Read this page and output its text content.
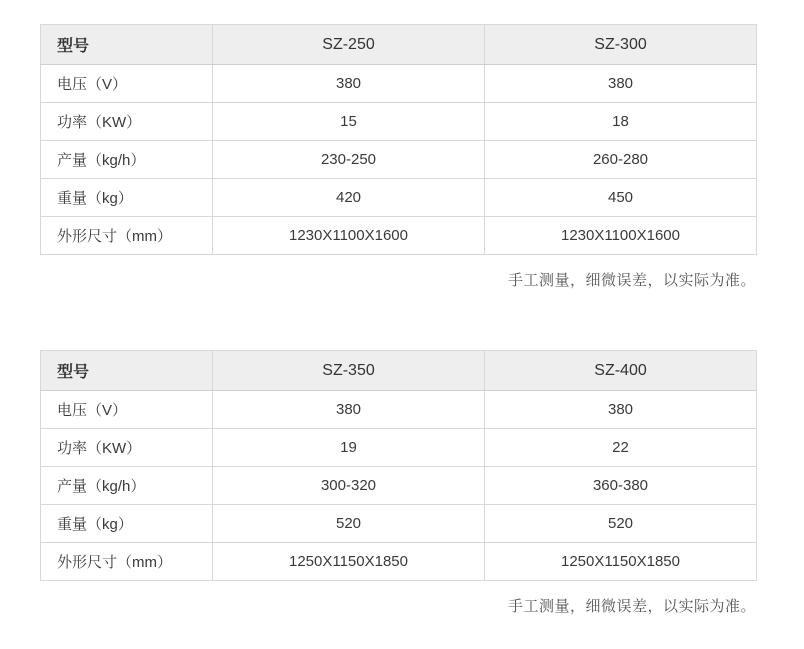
型号	SZ-250	SZ-300
电压（V）	380	380
功率（KW）	15	18
产量（kg/h）	230-250	260-280
重量（kg）	420	450
外形尺寸（mm）	1230X1100X1600	1230X1100X1600
手工测量，细微误差，以实际为准。
型号	SZ-350	SZ-400
电压（V）	380	380
功率（KW）	19	22
产量（kg/h）	300-320	360-380
重量（kg）	520	520
外形尺寸（mm）	1250X1150X1850	1250X1150X1850
手工测量，细微误差，以实际为准。
